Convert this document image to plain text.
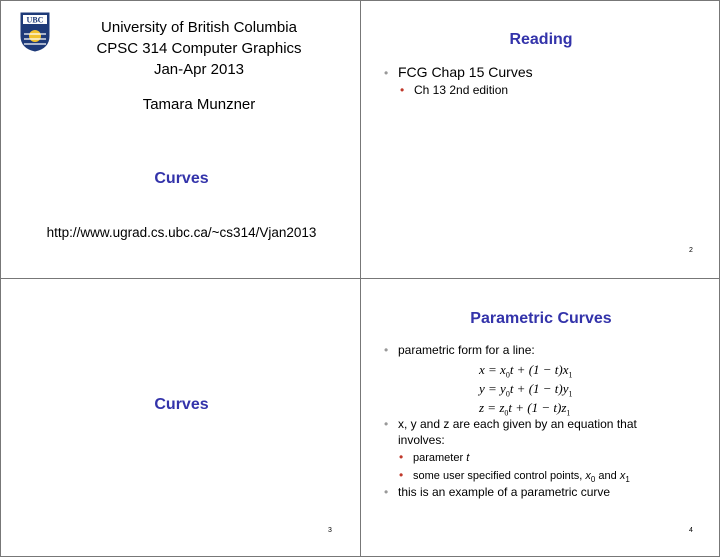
UBC	University of British Columbia
CPSC 314 Computer Graphics
Jan-Apr 2013
Tamara Munzner
Curves
http://www.ugrad.cs.ubc.ca/~cs314/Vjan2013
Reading
• FCG Chap 15 Curves
• Ch 13 2nd edition
2
Curves
3
Parametric Curves
• parametric form for a line:
$x = x_0t + (1 - t)x_1$
$y = y_0t + (1 - t)y_1$
$z = z_0t + (1 - t)z_1$
• x, y and z are each given by an equation that
involves:
• parameter t
• some user specified control points, $x_0$ and $x_1$
• this is an example of a parametric curve
4
